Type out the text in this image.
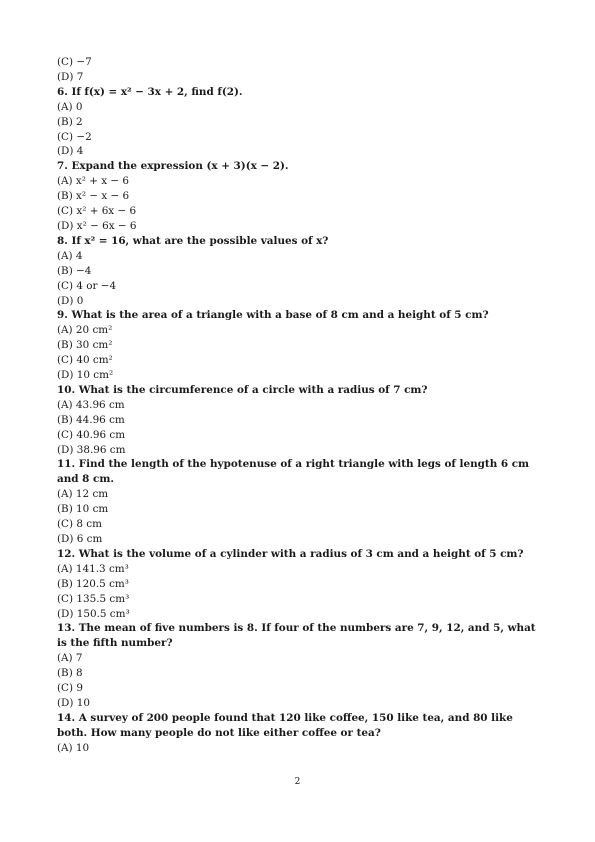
(C) −7
(D) 7
6. If f(x) = x² − 3x + 2, find f(2).
(A) 0
(B) 2
(C) −2
(D) 4
7. Expand the expression (x + 3)(x − 2).
(A) x² + x − 6
(B) x² − x − 6
(C) x² + 6x − 6
(D) x² − 6x − 6
8. If x² = 16, what are the possible values of x?
(A) 4
(B) −4
(C) 4 or −4
(D) 0
9. What is the area of a triangle with a base of 8 cm and a height of 5 cm?
(A) 20 cm²
(B) 30 cm²
(C) 40 cm²
(D) 10 cm²
10. What is the circumference of a circle with a radius of 7 cm?
(A) 43.96 cm
(B) 44.96 cm
(C) 40.96 cm
(D) 38.96 cm
11. Find the length of the hypotenuse of a right triangle with legs of length 6 cm and 8 cm.
(A) 12 cm
(B) 10 cm
(C) 8 cm
(D) 6 cm
12. What is the volume of a cylinder with a radius of 3 cm and a height of 5 cm?
(A) 141.3 cm³
(B) 120.5 cm³
(C) 135.5 cm³
(D) 150.5 cm³
13. The mean of five numbers is 8. If four of the numbers are 7, 9, 12, and 5, what is the fifth number?
(A) 7
(B) 8
(C) 9
(D) 10
14. A survey of 200 people found that 120 like coffee, 150 like tea, and 80 like both. How many people do not like either coffee or tea?
(A) 10
2
